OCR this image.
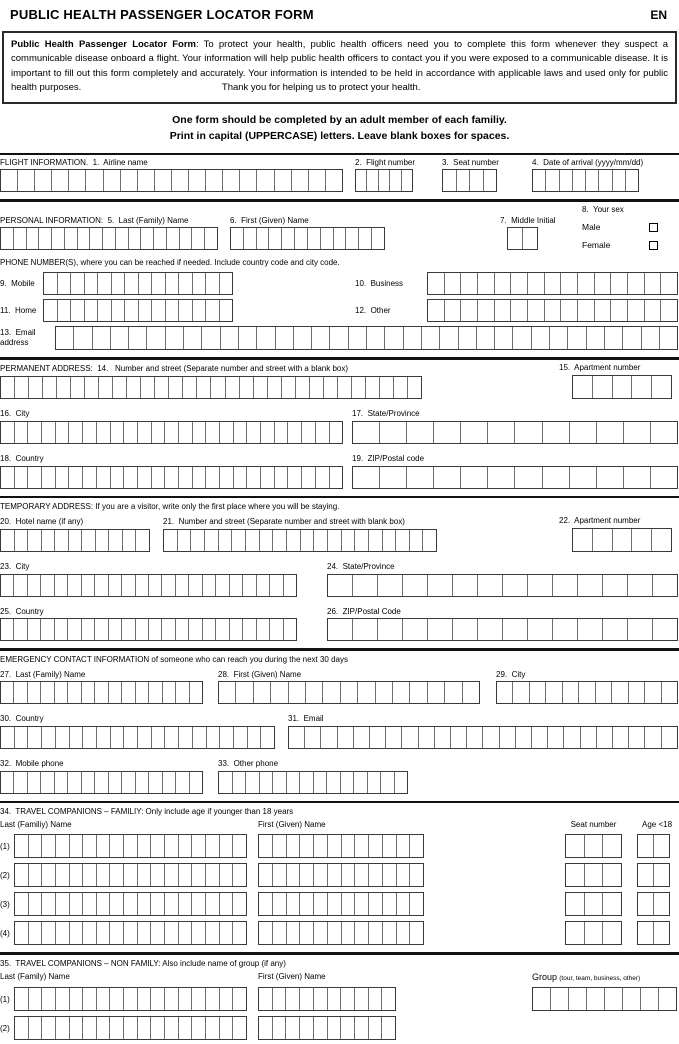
PUBLIC HEALTH PASSENGER LOCATOR FORM	EN
Public Health Passenger Locator Form: To protect your health, public health officers need you to complete this form whenever they suspect a communicable disease onboard a flight. Your information will help public health officers to contact you if you were exposed to a communicable disease. It is important to fill out this form completely and accurately. Your information is intended to be held in accordance with applicable laws and used only for public health purposes.	Thank you for helping us to protect your health.
One form should be completed by an adult member of each familiy.
Print in capital (UPPERCASE) letters. Leave blank boxes for spaces.
FLIGHT INFORMATION.  1.  Airline name	2.  Flight number	3.  Seat number	4.  Date of arrival (yyyy/mm/dd)
PERSONAL INFORMATION:  5.  Last (Family) Name	6.  First (Given) Name	7.  Middle Initial
8.  Your sex
Male
Female
PHONE NUMBER(S), where you can be reached if needed. Include country code and city code.
9.  Mobile	10.  Business
11.  Home	12.  Other
13.  Email address
PERMANENT ADDRESS:  14.   Number and street (Separate number and street with a blank box)	15.  Apartment number
16.  City	17.  State/Province
18.  Country	19.  ZIP/Postal code
TEMPORARY ADDRESS: If you are a visitor, write only the first place where you will be staying.
20.  Hotel name (if any)	21.  Number and street (Separate number and street with blank box)	22.  Apartment number
23.  City	24.  State/Province
25.  Country	26.  ZIP/Postal Code
EMERGENCY CONTACT INFORMATION of someone who can reach you during the next 30 days
27.  Last (Family) Name	28.  First (Given) Name	29.  City
30.  Country	31.  Email
32.  Mobile phone	33.  Other phone
34.  TRAVEL COMPANIONS – FAMILIY: Only include age if younger than 18 years
Last (Familiy) Name	First (Given) Name	Seat number	Age <18
(1)
(2)
(3)
(4)
35.  TRAVEL COMPANIONS – NON FAMILY: Also include name of group (if any)
Last (Family) Name	First (Given) Name	Group (tour, team, business, other)
(1)
(2)
